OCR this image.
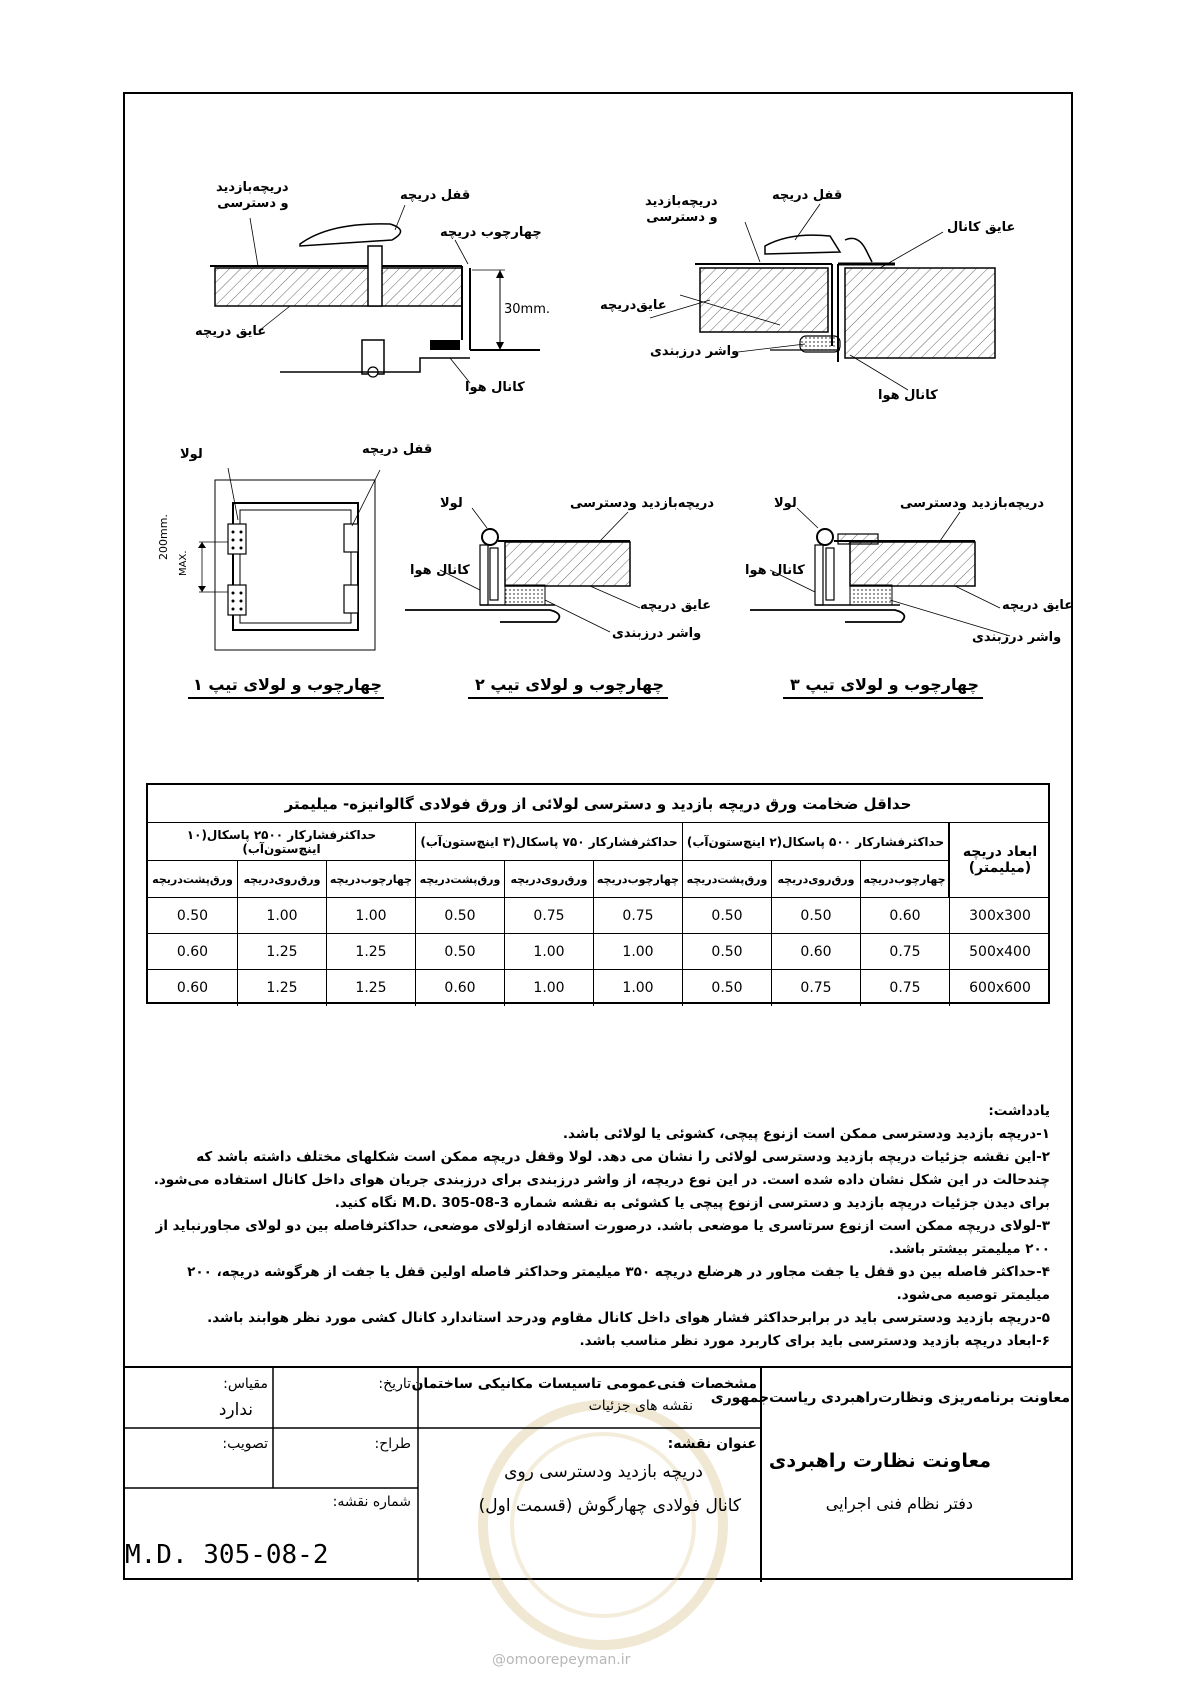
دریچه‌بازدید
و دسترسی
قفل دریچه
چهارچوب دریچه
30mm.
عایق دریچه
کانال هوا
دریچه‌بازدید
و دسترسی
قفل دریچه
عایق کانال
عایق‌دریچه
واشر درزبندی
کانال هوا
لولا	قفل دریچه
200mm.
MAX.
لولا	دریچه‌بازدید ودسترسی
کانال هوا
عایق دریچه
واشر درزبندی
لولا	دریچه‌بازدید ودسترسی
کانال هوا
عایق دریچه
واشر درزبندی
چهارچوب و لولای تیپ ۱	چهارچوب و لولای تیپ ۲	چهارچوب و لولای تیپ ۳
حداقل ضخامت ورق دریچه بازدید و دسترسی لولائی از ورق فولادی گالوانیزه- میلیمتر
ابعاد دریچه (میلیمتر)
حداکثرفشارکار ۲۵۰۰ پاسکال(۱۰ اینچ‌ستون‌آب)	حداکثرفشارکار ۷۵۰ پاسکال(۳ اینچ‌ستون‌آب) حداکثرفشارکار ۵۰۰ پاسکال(۲ اینچ‌ستون‌آب)
ورق‌پشت‌دریچه ورق‌روی‌دریچه چهارچوب‌دریچه ورق‌پشت‌دریچه ورق‌روی‌دریچه چهارچوب‌دریچه ورق‌پشت‌دریچه ورق‌روی‌دریچه چهارچوب‌دریچه
0.50	1.00	1.00	0.50	0.75	0.75	0.50	0.50	0.60	300x300
0.60	1.25	1.25	0.50	1.00	1.00	0.50	0.60	0.75	500x400
0.60	1.25	1.25	0.60	1.00	1.00	0.50	0.75	0.75	600x600

یادداشت:

۱-دریچه بازدید ودسترسی ممکن است ازنوع پیچی، کشوئی یا لولائی باشد.

۲-این نقشه جزئیات دریچه بازدید ودسترسی لولائی را نشان می دهد. لولا وقفل دریچه ممکن است شکلهای مختلف داشته باشد که چندحالت در این شکل نشان داده شده است. در این نوع دریچه، از واشر درزبندی برای درزبندی جریان هوای داخل کانال استفاده می‌شود. برای دیدن جزئیات دریچه بازدید و دسترسی ازنوع پیچی یا کشوئی به نقشه شماره M.D. 305-08-3 نگاه کنید.

۳-لولای دریچه ممکن است ازنوع سرتاسری یا موضعی باشد. درصورت استفاده ازلولای موضعی، حداکثرفاصله بین دو لولای مجاورنباید از ۲۰۰ میلیمتر بیشتر باشد.

۴-حداکثر فاصله بین دو قفل یا جفت مجاور در هرضلع دریچه ۳۵۰ میلیمتر وحداکثر فاصله اولین قفل یا جفت از هرگوشه دریچه، ۲۰۰ میلیمتر توصیه می‌شود.

۵-دریچه بازدید ودسترسی باید در برابرحداکثر فشار هوای داخل کانال مقاوم ودرحد استاندارد کانال کشی مورد نظر هوابند باشد.

۶-ابعاد دریچه بازدید ودسترسی باید برای کاربرد مورد نظر مناسب باشد.

معاونت برنامه‌ریزی ونظارت‌راهبردی ریاست‌جمهوری
معاونت نظارت راهبردی
دفتر نظام فنی اجرایی
مشخصات فنی‌عمومی تاسیسات مکانیکی ساختمان
نقشه های جزئیات
عنوان نقشه:
دریچه بازدید ودسترسی روی
کانال فولادی چهارگوش (قسمت اول)
تاریخ:
طراح:
مقیاس:
ندارد
تصویب:
شماره نقشه:
M.D. 305-08-2
@omoorepeyman.ir
